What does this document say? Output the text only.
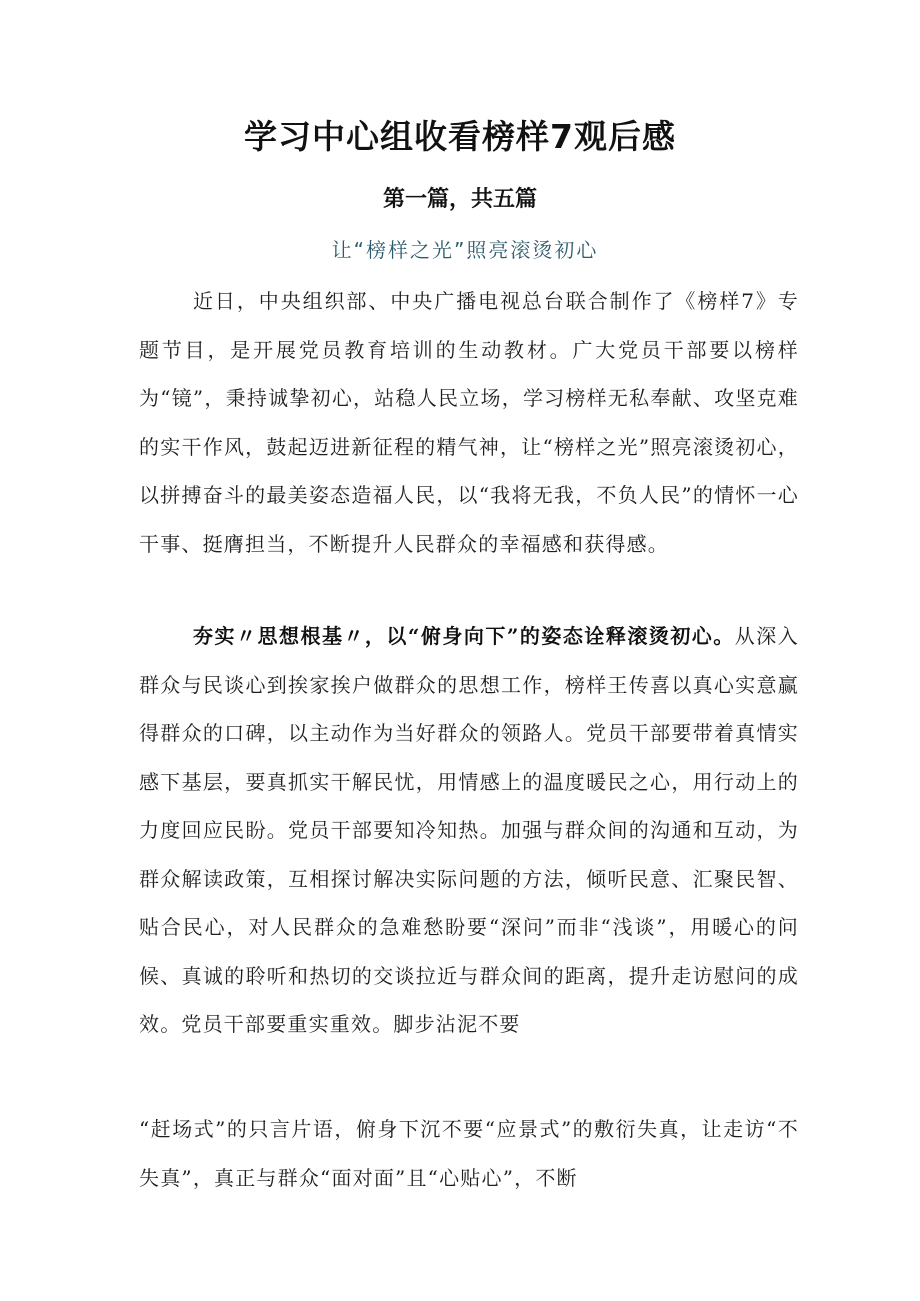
学习中心组收看榜样7观后感
第一篇，共五篇
让“榜样之光”照亮滚烫初心
近日，中央组织部、中央广播电视总台联合制作了《榜样7》专题节目，是开展党员教育培训的生动教材。广大党员干部要以榜样为“镜”，秉持诚挚初心，站稳人民立场，学习榜样无私奉献、攻坚克难的实干作风，鼓起迈进新征程的精气神，让“榜样之光”照亮滚烫初心，以拼搏奋斗的最美姿态造福人民，以“我将无我，不负人民”的情怀一心干事、挺膺担当，不断提升人民群众的幸福感和获得感。
夯实〃思想根基〃，以“俯身向下”的姿态诠释滚烫初心。从深入群众与民谈心到挨家挨户做群众的思想工作，榜样王传喜以真心实意赢得群众的口碑，以主动作为当好群众的领路人。党员干部要带着真情实感下基层，要真抓实干解民忧，用情感上的温度暖民之心，用行动上的力度回应民盼。党员干部要知冷知热。加强与群众间的沟通和互动，为群众解读政策，互相探讨解决实际问题的方法，倾听民意、汇聚民智、贴合民心，对人民群众的急难愁盼要“深问”而非“浅谈”，用暖心的问候、真诚的聆听和热切的交谈拉近与群众间的距离，提升走访慰问的成效。党员干部要重实重效。脚步沾泥不要
“赶场式”的只言片语，俯身下沉不要“应景式”的敷衍失真，让走访“不失真”，真正与群众“面对面”且“心贴心”，不断
